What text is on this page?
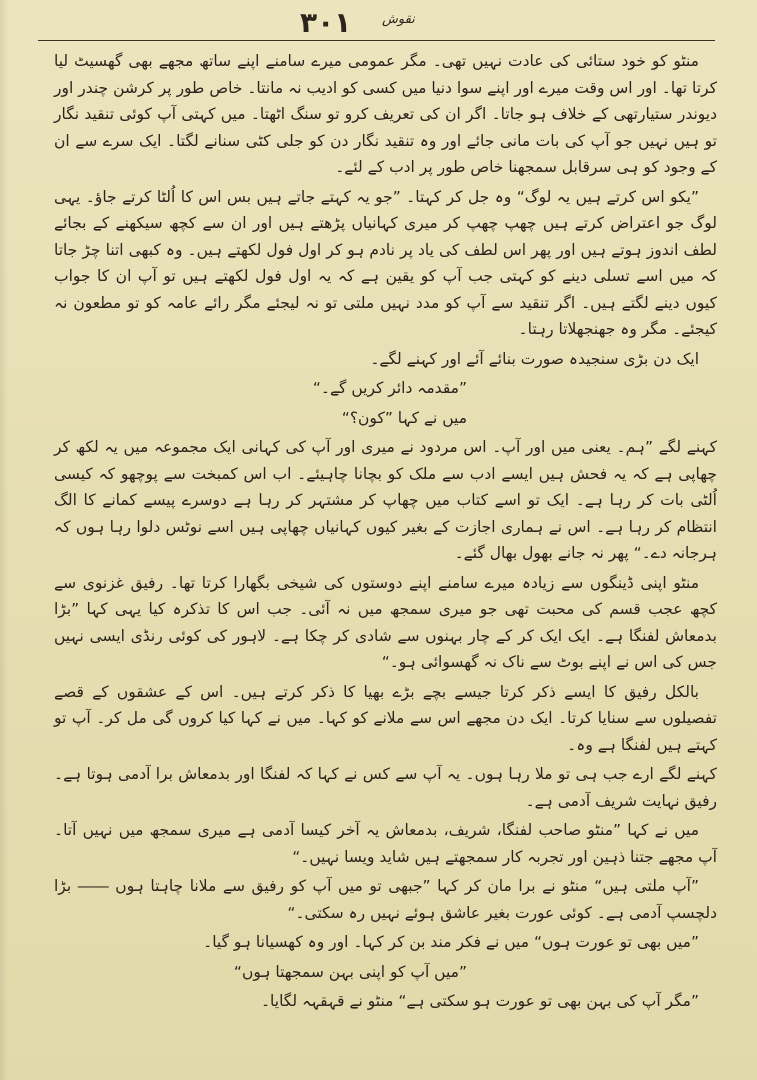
۳۰۱ نقوش

منٹو کو خود ستائی کی عادت نہیں تھی۔ مگر عمومی میرے سامنے اپنے ساتھ مجھے بھی گھسیٹ لیا کرتا تھا۔ اور اس وقت میرے اور اپنے سوا دنیا میں کسی کو ادیب نہ مانتا۔ خاص طور پر کرشن چندر اور دیوندر ستیارتھی کے خلاف ہو جاتا۔ اگر ان کی تعریف کرو تو سنگ اٹھتا۔ میں کہتی آپ کوئی تنقید نگار تو ہیں نہیں جو آپ کی بات مانی جائے اور وہ تنقید نگار دن کو جلی کٹی سنانے لگتا۔ ایک سرے سے ان کے وجود کو ہی سرقابل سمجھنا خاص طور پر ادب کے لئے۔

”یکو اس کرتے ہیں یہ لوگ“ وہ جل کر کہتا۔ ”جو یہ کہتے جاتے ہیں بس اس کا اُلٹا کرتے جاؤ۔ یہی لوگ جو اعتراض کرتے ہیں چھپ چھپ کر میری کہانیاں پڑھتے ہیں اور ان سے کچھ سیکھنے کے بجائے لطف اندوز ہوتے ہیں اور پھر اس لطف کی یاد پر نادم ہو کر اول فول لکھتے ہیں۔ وہ کبھی اتنا چڑ جاتا کہ میں اسے تسلی دینے کو کہتی جب آپ کو یقین ہے کہ یہ اول فول لکھتے ہیں تو آپ ان کا جواب کیوں دینے لگتے ہیں۔ اگر تنقید سے آپ کو مدد نہیں ملتی تو نہ لیجئے مگر رائے عامہ کو تو مطعون نہ کیجئے۔ مگر وہ جھنجھلاتا رہتا۔

ایک دن بڑی سنجیدہ صورت بنائے آئے اور کہنے لگے۔

”مقدمہ دائر کریں گے۔“

میں نے کہا ”کون؟“

کہنے لگے ”ہم۔ یعنی میں اور آپ۔ اس مردود نے میری اور آپ کی کہانی ایک مجموعہ میں یہ لکھ کر چھاپی ہے کہ یہ فحش ہیں ایسے ادب سے ملک کو بچانا چاہیئے۔ اب اس کمبخت سے پوچھو کہ کیسی اُلٹی بات کر رہا ہے۔ ایک تو اسے کتاب میں چھاپ کر مشتہر کر رہا ہے دوسرے پیسے کمانے کا الگ انتظام کر رہا ہے۔ اس نے ہماری اجازت کے بغیر کیوں کہانیاں چھاپی ہیں اسے نوٹس دلوا رہا ہوں کہ ہرجانہ دے۔“ پھر نہ جانے بھول بھال گئے۔

منٹو اپنی ڈینگوں سے زیادہ میرے سامنے اپنے دوستوں کی شیخی بگھارا کرتا تھا۔ رفیق غزنوی سے کچھ عجب قسم کی محبت تھی جو میری سمجھ میں نہ آئی۔ جب اس کا تذکرہ کیا یہی کہا ”بڑا بدمعاش لفنگا ہے۔ ایک ایک کر کے چار بہنوں سے شادی کر چکا ہے۔ لاہور کی کوئی رنڈی ایسی نہیں جس کی اس نے اپنے بوٹ سے ناک نہ گھسوائی ہو۔“

بالکل رفیق کا ایسے ذکر کرتا جیسے بچے بڑے بھیا کا ذکر کرتے ہیں۔ اس کے عشقوں کے قصے تفصیلوں سے سنایا کرتا۔ ایک دن مجھے اس سے ملانے کو کہا۔ میں نے کہا کیا کروں گی مل کر۔ آپ تو کہتے ہیں لفنگا ہے وہ۔

کہنے لگے ارے جب ہی تو ملا رہا ہوں۔ یہ آپ سے کس نے کہا کہ لفنگا اور بدمعاش برا آدمی ہوتا ہے۔ رفیق نہایت شریف آدمی ہے۔

میں نے کہا ”منٹو صاحب لفنگا، شریف، بدمعاش یہ آخر کیسا آدمی ہے میری سمجھ میں نہیں آتا۔ آپ مجھے جتنا ذہین اور تجربہ کار سمجھتے ہیں شاید ویسا نہیں۔“

”آپ ملتی ہیں“ منٹو نے برا مان کر کہا ”جبھی تو میں آپ کو رفیق سے ملانا چاہتا ہوں ―― بڑا دلچسپ آدمی ہے۔ کوئی عورت بغیر عاشق ہوئے نہیں رہ سکتی۔“

”میں بھی تو عورت ہوں“ میں نے فکر مند بن کر کہا۔ اور وہ کھسیانا ہو گیا۔

”میں آپ کو اپنی بہن سمجھتا ہوں“

”مگر آپ کی بہن بھی تو عورت ہو سکتی ہے“ منٹو نے قہقہہ لگایا۔
